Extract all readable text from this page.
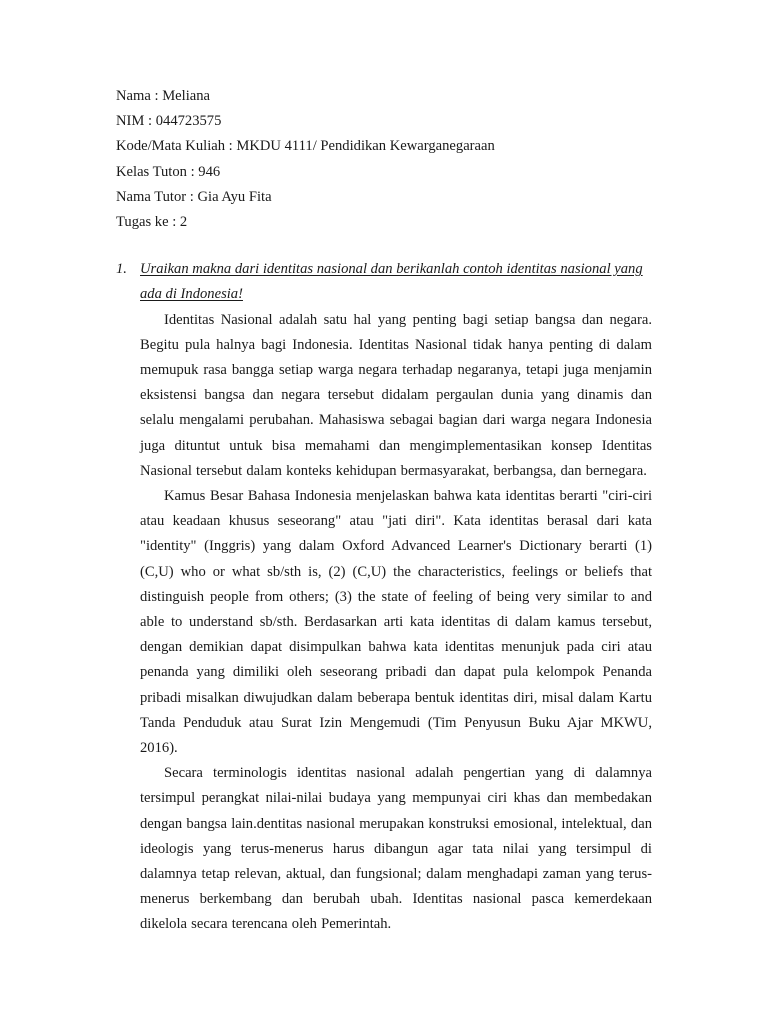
Nama : Meliana
NIM : 044723575
Kode/Mata Kuliah : MKDU 4111/ Pendidikan Kewarganegaraan
Kelas Tuton : 946
Nama Tutor : Gia Ayu Fita
Tugas ke : 2
1. Uraikan makna dari identitas nasional dan berikanlah contoh identitas nasional yang ada di Indonesia!

Identitas Nasional adalah satu hal yang penting bagi setiap bangsa dan negara. Begitu pula halnya bagi Indonesia. Identitas Nasional tidak hanya penting di dalam memupuk rasa bangga setiap warga negara terhadap negaranya, tetapi juga menjamin eksistensi bangsa dan negara tersebut didalam pergaulan dunia yang dinamis dan selalu mengalami perubahan. Mahasiswa sebagai bagian dari warga negara Indonesia juga dituntut untuk bisa memahami dan mengimplementasikan konsep Identitas Nasional tersebut dalam konteks kehidupan bermasyarakat, berbangsa, dan bernegara.

Kamus Besar Bahasa Indonesia menjelaskan bahwa kata identitas berarti "ciri-ciri atau keadaan khusus seseorang" atau "jati diri". Kata identitas berasal dari kata "identity" (Inggris) yang dalam Oxford Advanced Learner's Dictionary berarti (1) (C,U) who or what sb/sth is, (2) (C,U) the characteristics, feelings or beliefs that distinguish people from others; (3) the state of feeling of being very similar to and able to understand sb/sth. Berdasarkan arti kata identitas di dalam kamus tersebut, dengan demikian dapat disimpulkan bahwa kata identitas menunjuk pada ciri atau penanda yang dimiliki oleh seseorang pribadi dan dapat pula kelompok Penanda pribadi misalkan diwujudkan dalam beberapa bentuk identitas diri, misal dalam Kartu Tanda Penduduk atau Surat Izin Mengemudi (Tim Penyusun Buku Ajar MKWU, 2016).

Secara terminologis identitas nasional adalah pengertian yang di dalamnya tersimpul perangkat nilai-nilai budaya yang mempunyai ciri khas dan membedakan dengan bangsa lain.dentitas nasional merupakan konstruksi emosional, intelektual, dan ideologis yang terus-menerus harus dibangun agar tata nilai yang tersimpul di dalamnya tetap relevan, aktual, dan fungsional; dalam menghadapi zaman yang terus-menerus berkembang dan berubah ubah. Identitas nasional pasca kemerdekaan dikelola secara terencana oleh Pemerintah.
